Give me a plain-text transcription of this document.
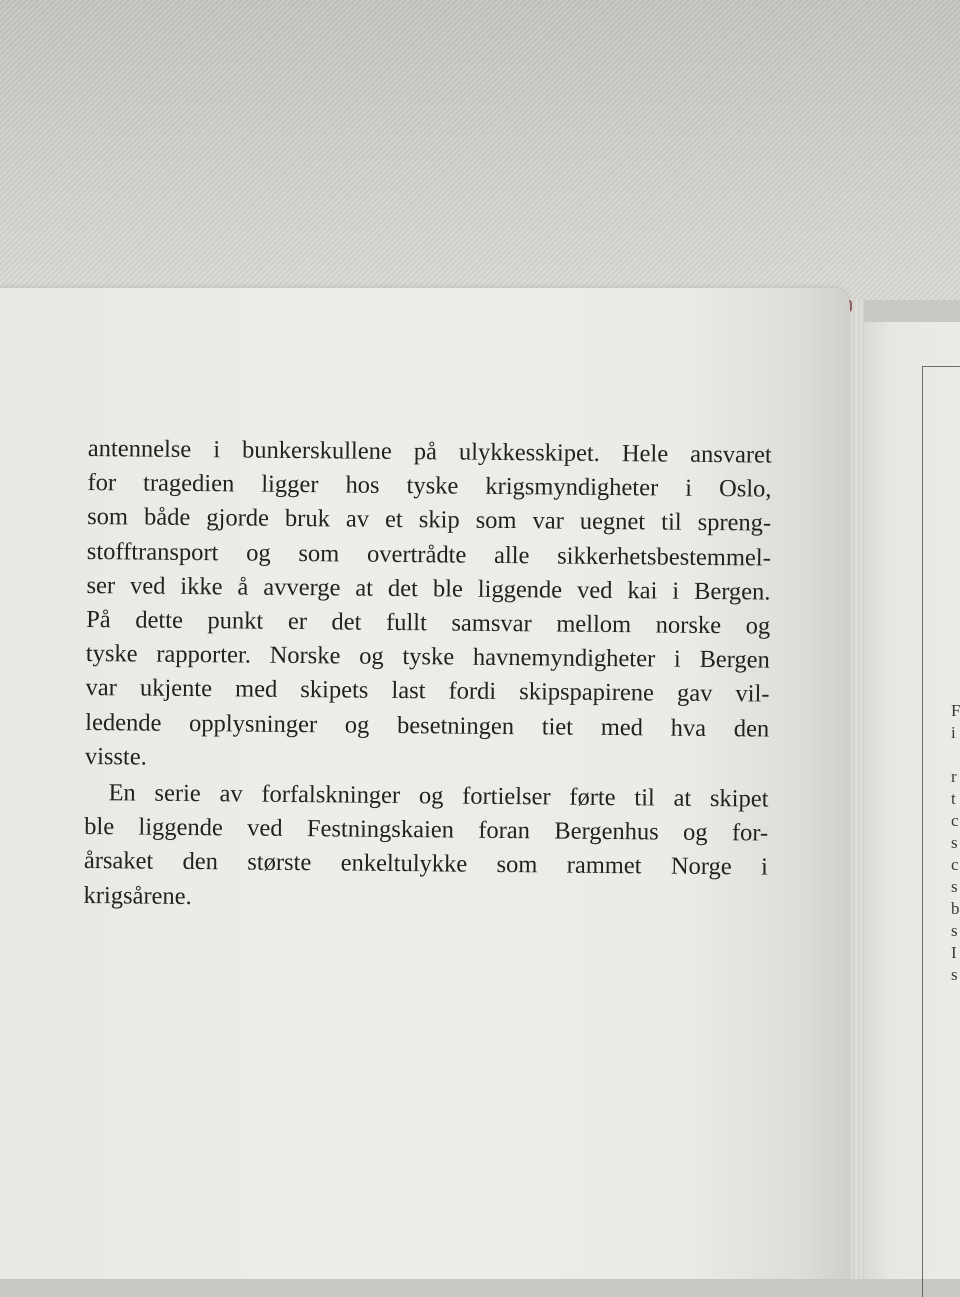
F
i
r
t
c
s
c
s
b
s
I
s

antennelse i bunkerskullene på ulykkesskipet. Hele ansvaret

for tragedien ligger hos tyske krigsmyndigheter i Oslo,

som både gjorde bruk av et skip som var uegnet til spreng-

stofftransport og som overtrådte alle sikkerhetsbestemmel-

ser ved ikke å avverge at det ble liggende ved kai i Bergen.

På dette punkt er det fullt samsvar mellom norske og

tyske rapporter. Norske og tyske havnemyndigheter i Bergen

var ukjente med skipets last fordi skipspapirene gav vil-

ledende opplysninger og besetningen tiet med hva den

visste.

En serie av forfalskninger og fortielser førte til at skipet

ble liggende ved Festningskaien foran Bergenhus og for-

årsaket den største enkeltulykke som rammet Norge i

krigsårene.
